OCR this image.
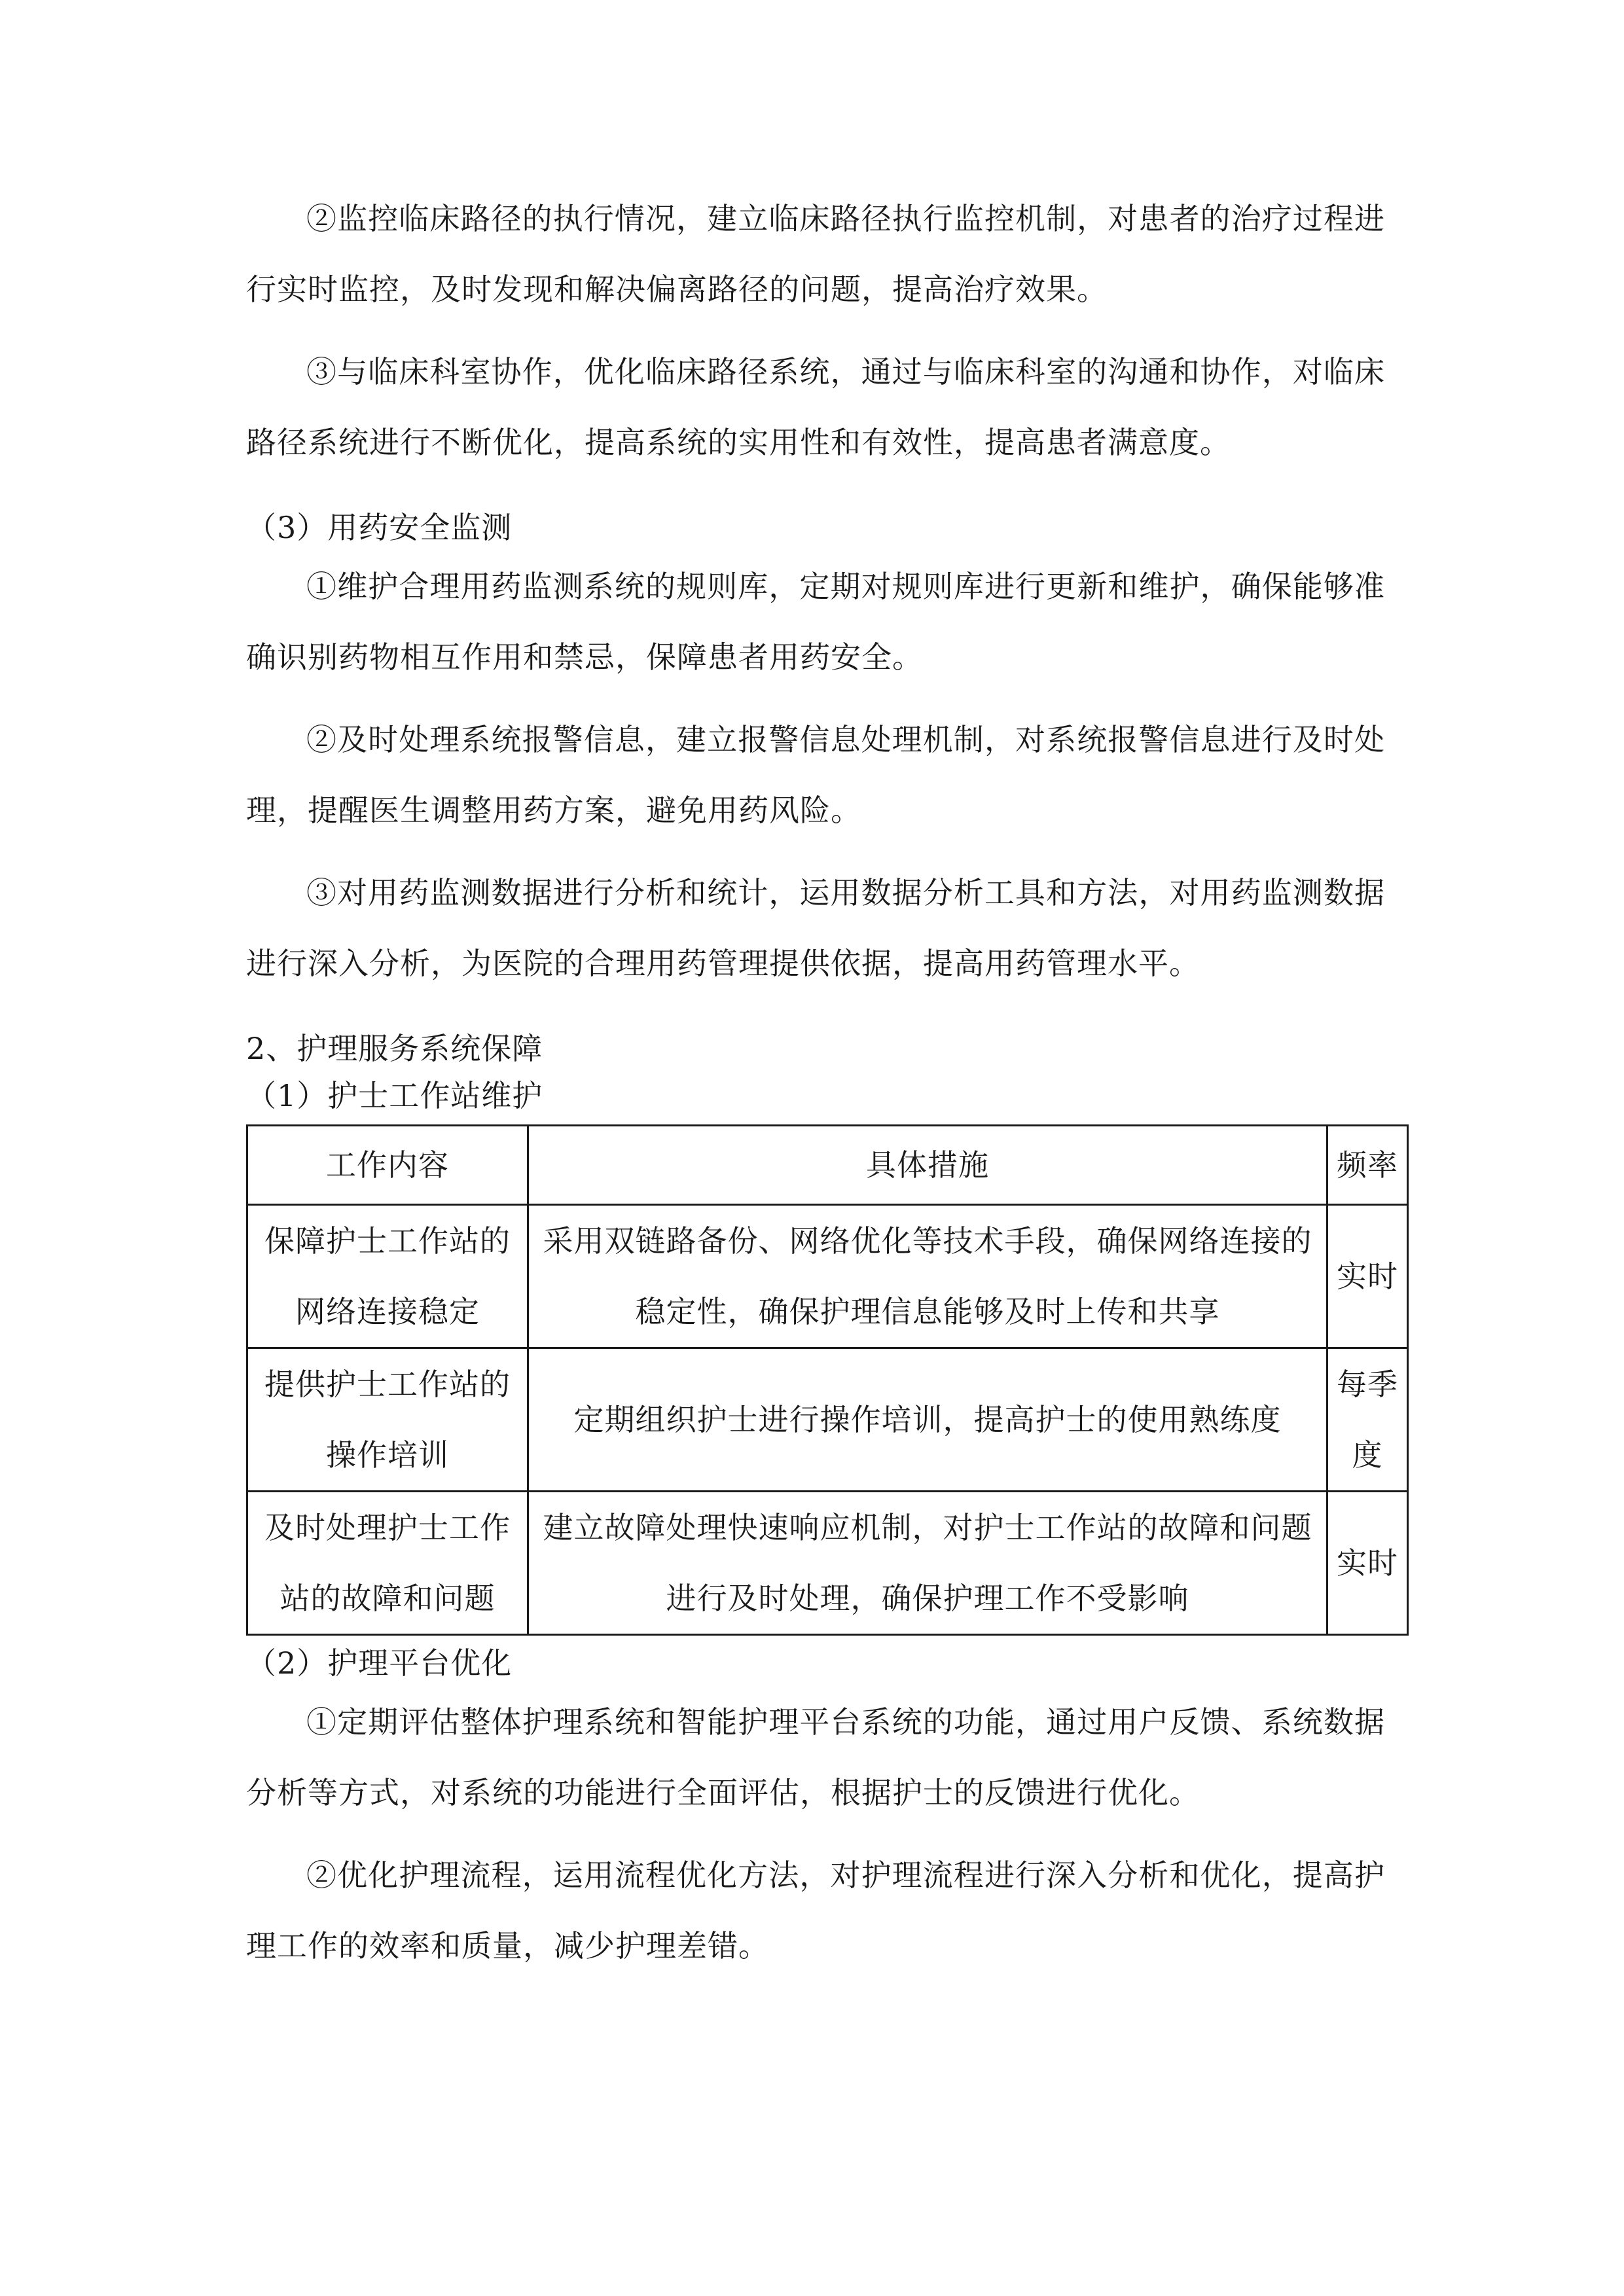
②监控临床路径的执行情况，建立临床路径执行监控机制，对患者的治疗过程进行实时监控，及时发现和解决偏离路径的问题，提高治疗效果。

③与临床科室协作，优化临床路径系统，通过与临床科室的沟通和协作，对临床路径系统进行不断优化，提高系统的实用性和有效性，提高患者满意度。

（3）用药安全监测

①维护合理用药监测系统的规则库，定期对规则库进行更新和维护，确保能够准确识别药物相互作用和禁忌，保障患者用药安全。

②及时处理系统报警信息，建立报警信息处理机制，对系统报警信息进行及时处理，提醒医生调整用药方案，避免用药风险。

③对用药监测数据进行分析和统计，运用数据分析工具和方法，对用药监测数据进行深入分析，为医院的合理用药管理提供依据，提高用药管理水平。

2、护理服务系统保障

（1）护士工作站维护

工作内容	具体措施	频率
保障护士工作站的网络连接稳定	采用双链路备份、网络优化等技术手段，确保网络连接的稳定性，确保护理信息能够及时上传和共享	实时
提供护士工作站的操作培训	定期组织护士进行操作培训，提高护士的使用熟练度	每季度
及时处理护士工作站的故障和问题	建立故障处理快速响应机制，对护士工作站的故障和问题进行及时处理，确保护理工作不受影响	实时

（2）护理平台优化

①定期评估整体护理系统和智能护理平台系统的功能，通过用户反馈、系统数据分析等方式，对系统的功能进行全面评估，根据护士的反馈进行优化。

②优化护理流程，运用流程优化方法，对护理流程进行深入分析和优化，提高护理工作的效率和质量，减少护理差错。
